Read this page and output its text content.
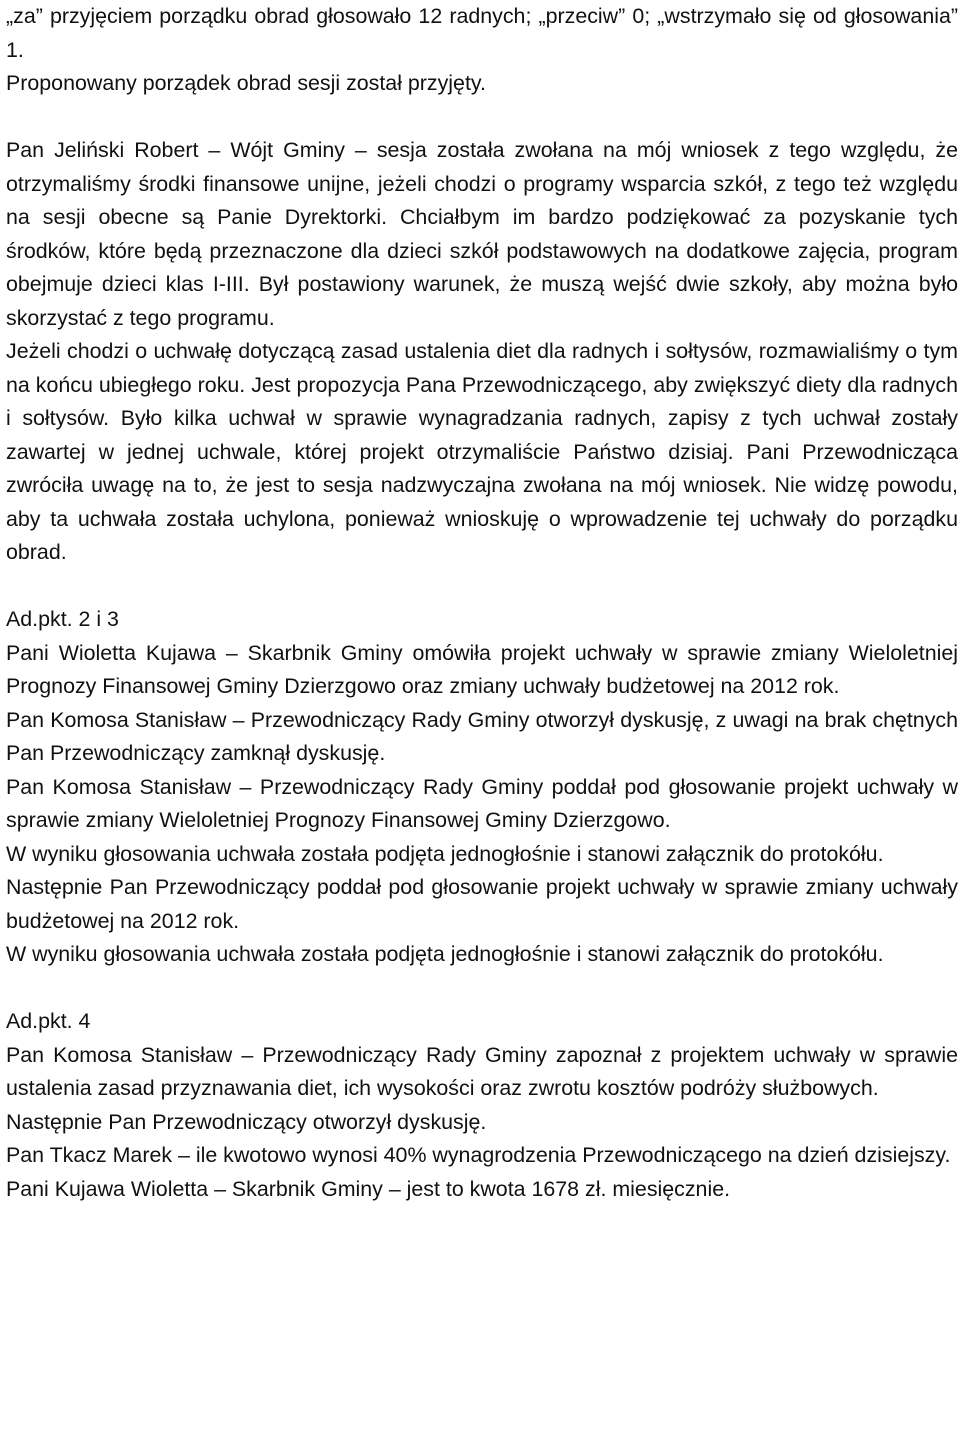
„za” przyjęciem porządku obrad głosowało 12 radnych; „przeciw” 0; „wstrzymało się od głosowania” 1.

Proponowany porządek obrad sesji został przyjęty.

Pan Jeliński Robert – Wójt Gminy – sesja została zwołana na mój wniosek z tego względu, że otrzymaliśmy środki finansowe unijne, jeżeli chodzi o programy wsparcia szkół, z tego też względu na sesji obecne są Panie Dyrektorki. Chciałbym im bardzo podziękować za pozyskanie tych środków, które będą przeznaczone dla dzieci szkół podstawowych na dodatkowe zajęcia, program obejmuje dzieci klas I-III. Był postawiony warunek, że muszą wejść dwie szkoły, aby można było skorzystać z tego programu.

Jeżeli chodzi o uchwałę dotyczącą zasad ustalenia diet dla radnych i sołtysów, rozmawialiśmy o tym na końcu ubiegłego roku. Jest propozycja Pana Przewodniczącego, aby zwiększyć diety dla radnych i sołtysów. Było kilka uchwał w sprawie wynagradzania radnych, zapisy z tych uchwał zostały zawartej w jednej uchwale, której projekt otrzymaliście Państwo dzisiaj. Pani Przewodnicząca zwróciła uwagę na to, że jest to sesja nadzwyczajna zwołana na mój wniosek. Nie widzę powodu, aby ta uchwała została uchylona, ponieważ wnioskuję o wprowadzenie tej uchwały do porządku obrad.

Ad.pkt. 2 i 3

Pani Wioletta Kujawa – Skarbnik Gminy omówiła projekt uchwały w sprawie zmiany Wieloletniej Prognozy Finansowej Gminy Dzierzgowo oraz zmiany uchwały budżetowej na 2012 rok.

Pan Komosa Stanisław – Przewodniczący Rady Gminy otworzył dyskusję, z uwagi na brak chętnych Pan Przewodniczący zamknął dyskusję.

Pan Komosa Stanisław – Przewodniczący Rady Gminy poddał pod głosowanie projekt uchwały w sprawie zmiany Wieloletniej Prognozy Finansowej Gminy Dzierzgowo.

W wyniku głosowania uchwała została podjęta jednogłośnie i stanowi załącznik do protokółu.

Następnie Pan Przewodniczący poddał pod głosowanie projekt uchwały w sprawie zmiany uchwały budżetowej na 2012 rok.

W wyniku głosowania uchwała została podjęta jednogłośnie i stanowi załącznik do protokółu.

Ad.pkt. 4

Pan Komosa Stanisław – Przewodniczący Rady Gminy zapoznał z projektem uchwały w sprawie ustalenia zasad przyznawania diet, ich wysokości oraz zwrotu kosztów podróży służbowych.

Następnie Pan Przewodniczący otworzył dyskusję.

Pan Tkacz Marek – ile kwotowo wynosi 40% wynagrodzenia Przewodniczącego na dzień dzisiejszy.

Pani Kujawa Wioletta – Skarbnik Gminy – jest to kwota 1678 zł. miesięcznie.
